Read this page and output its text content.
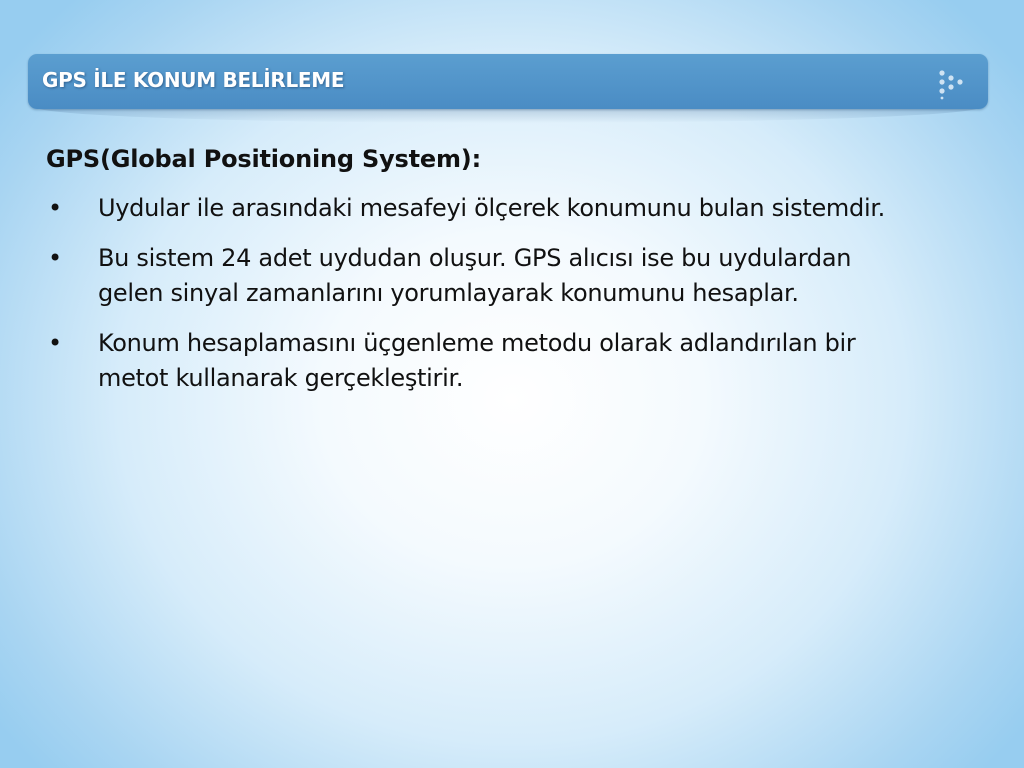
GPS İLE KONUM BELİRLEME
GPS(Global Positioning System):
• Uydular ile arasındaki mesafeyi ölçerek konumunu bulan sistemdir.
• Bu sistem 24 adet uydudan oluşur. GPS alıcısı ise bu uydulardan gelen sinyal zamanlarını yorumlayarak konumunu hesaplar.
• Konum hesaplamasını üçgenleme metodu olarak adlandırılan bir metot kullanarak gerçekleştirir.
